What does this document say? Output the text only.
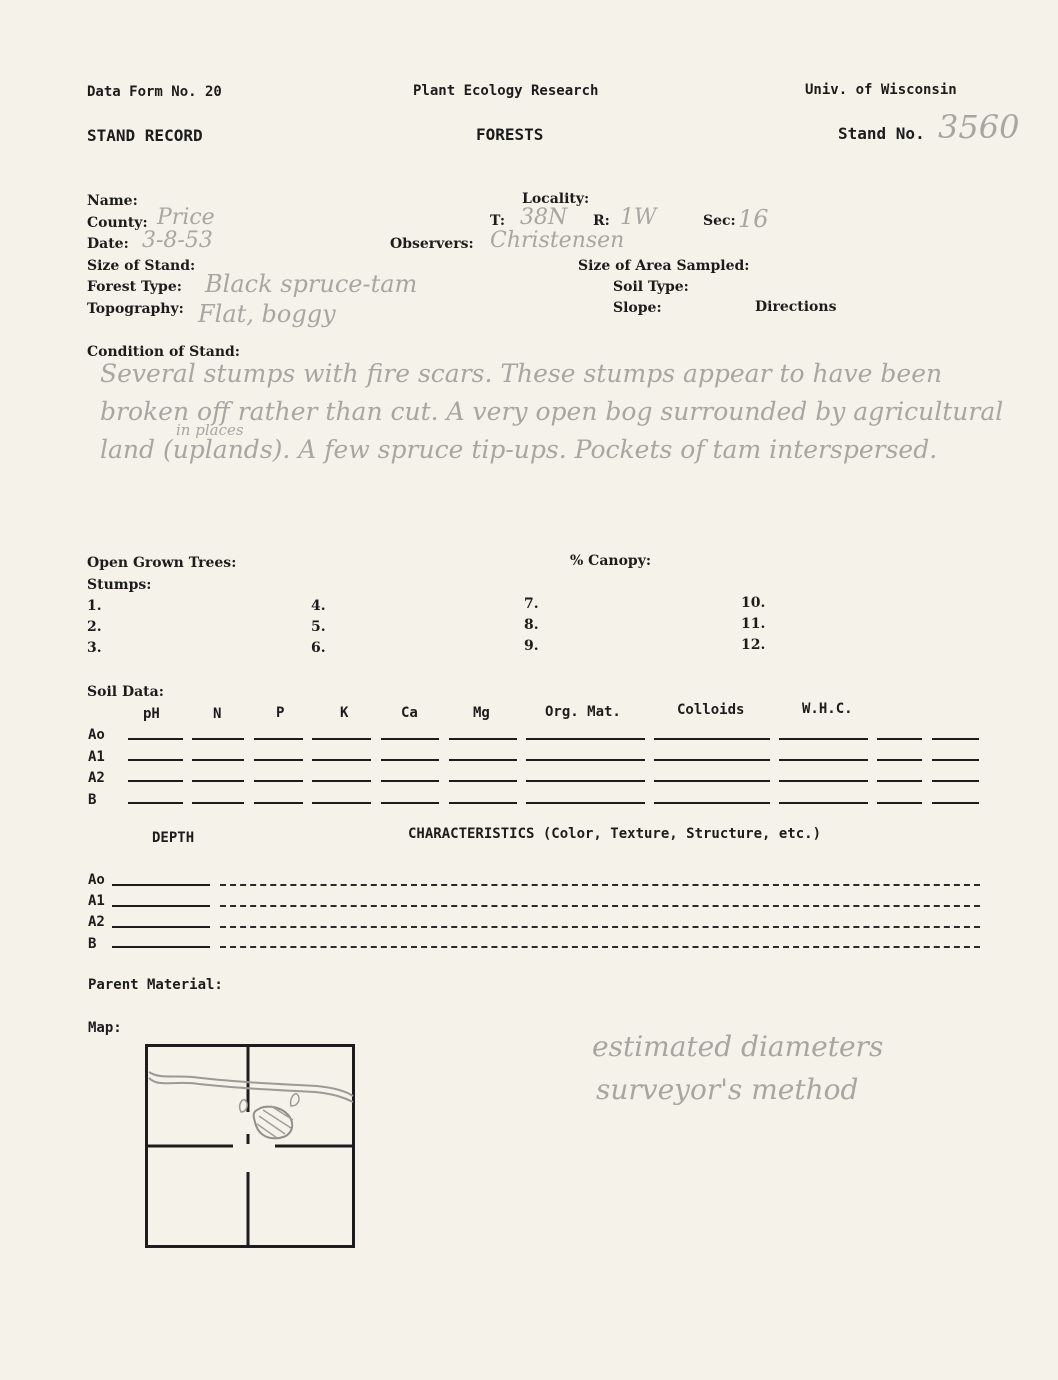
Data Form No. 20	Plant Ecology Research	Univ. of Wisconsin
STAND RECORD	FORESTS	Stand No. 3560
Name:
County: Price
Date: 3-8-53
Size of Stand:
Forest Type: Black spruce-tam
Topography: Flat, boggy
Locality:
T: 38N R: 1W	Sec: 16
Observers: Christensen
Size of Area Sampled:
Soil Type:
Slope:	Directions
Condition of Stand:
in places
Several stumps with fire scars. These stumps appear to have been broken off rather than cut. A very open bog surrounded by agricultural land (uplands). A few spruce tip-ups. Pockets of tam interspersed.
Open Grown Trees:	% Canopy:
Stumps:
1.
2.
3.
4.
5.
6.
7.
8.
9.
10.
11.
12.
Soil Data:
pH	N	P	K	Ca	Mg	Org. Mat.	Colloids	W.H.C.
Ao
A1
A2
B
DEPTH	CHARACTERISTICS (Color, Texture, Structure, etc.)
Ao
A1
A2
B
Parent Material:
Map:
estimated diameters
surveyor's method
